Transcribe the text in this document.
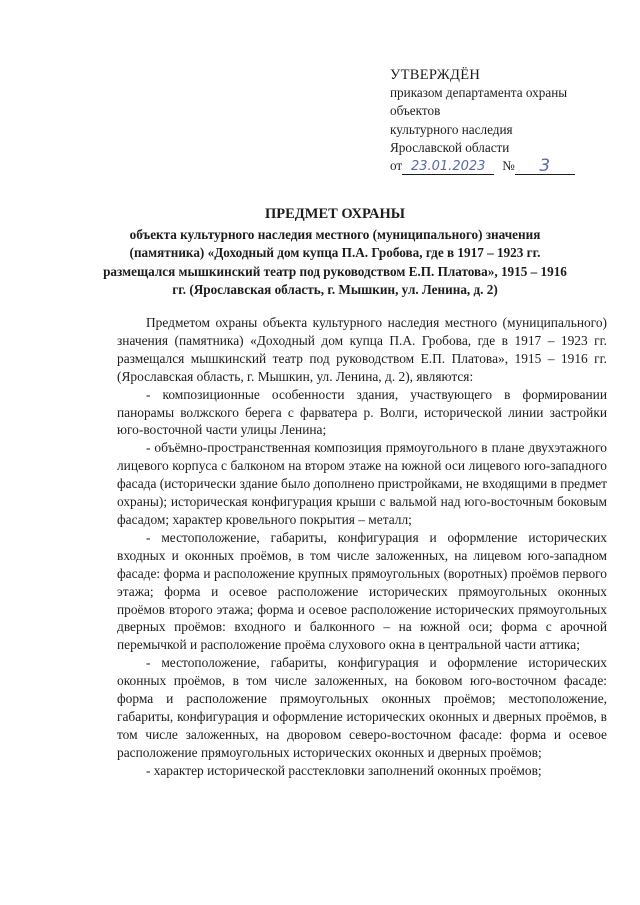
УТВЕРЖДЁН
приказом департамента охраны
объектов
культурного наследия
Ярославской области
от 23.01.2023	№	3
ПРЕДМЕТ ОХРАНЫ
объекта культурного наследия местного (муниципального) значения (памятника) «Доходный дом купца П.А. Гробова, где в 1917 – 1923 гг. размещался мышкинский театр под руководством Е.П. Платова», 1915 – 1916 гг. (Ярославская область, г. Мышкин, ул. Ленина, д. 2)

Предметом охраны объекта культурного наследия местного (муниципального) значения (памятника) «Доходный дом купца П.А. Гробова, где в 1917 – 1923 гг. размещался мышкинский театр под руководством Е.П. Платова», 1915 – 1916 гг. (Ярославская область, г. Мышкин, ул. Ленина, д. 2), являются:

- композиционные особенности здания, участвующего в формировании панорамы волжского берега с фарватера р. Волги, исторической линии застройки юго-восточной части улицы Ленина;

- объёмно-пространственная композиция прямоугольного в плане двухэтажного лицевого корпуса с балконом на втором этаже на южной оси лицевого юго-западного фасада (исторически здание было дополнено пристройками, не входящими в предмет охраны); историческая конфигурация крыши с вальмой над юго-восточным боковым фасадом; характер кровельного покрытия – металл;

- местоположение, габариты, конфигурация и оформление исторических входных и оконных проёмов, в том числе заложенных, на лицевом юго-западном фасаде: форма и расположение крупных прямоугольных (воротных) проёмов первого этажа; форма и осевое расположение исторических прямоугольных оконных проёмов второго этажа; форма и осевое расположение исторических прямоугольных дверных проёмов: входного и балконного – на южной оси; форма с арочной перемычкой и расположение проёма слухового окна в центральной части аттика;

- местоположение, габариты, конфигурация и оформление исторических оконных проёмов, в том числе заложенных, на боковом юго-восточном фасаде: форма и расположение прямоугольных оконных проёмов; местоположение, габариты, конфигурация и оформление исторических оконных и дверных проёмов, в том числе заложенных, на дворовом северо-восточном фасаде: форма и осевое расположение прямоугольных исторических оконных и дверных проёмов;

- характер исторической расстекловки заполнений оконных проёмов;
